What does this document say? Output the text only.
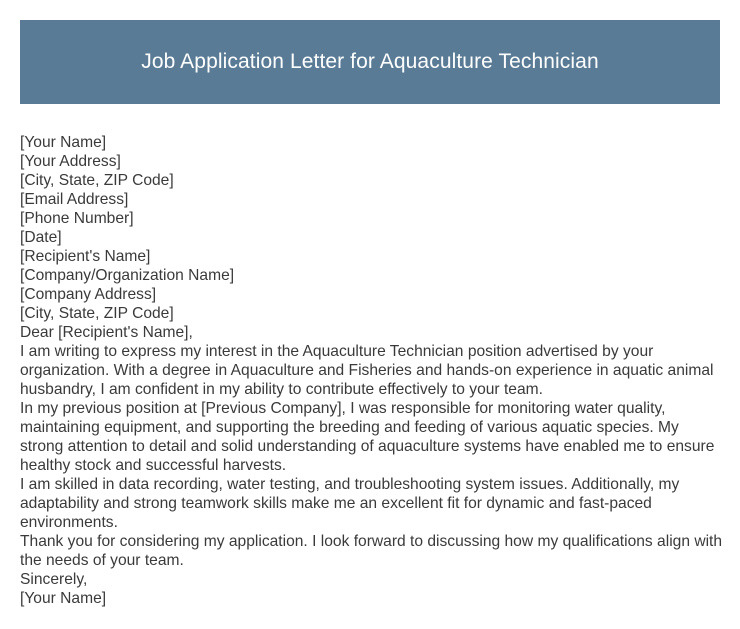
Job Application Letter for Aquaculture Technician
[Your Name]
[Your Address]
[City, State, ZIP Code]
[Email Address]
[Phone Number]
[Date]
[Recipient's Name]
[Company/Organization Name]
[Company Address]
[City, State, ZIP Code]
Dear [Recipient's Name],
I am writing to express my interest in the Aquaculture Technician position advertised by your organization. With a degree in Aquaculture and Fisheries and hands-on experience in aquatic animal husbandry, I am confident in my ability to contribute effectively to your team.
In my previous position at [Previous Company], I was responsible for monitoring water quality, maintaining equipment, and supporting the breeding and feeding of various aquatic species. My strong attention to detail and solid understanding of aquaculture systems have enabled me to ensure healthy stock and successful harvests.
I am skilled in data recording, water testing, and troubleshooting system issues. Additionally, my adaptability and strong teamwork skills make me an excellent fit for dynamic and fast-paced environments.
Thank you for considering my application. I look forward to discussing how my qualifications align with the needs of your team.
Sincerely,
[Your Name]
